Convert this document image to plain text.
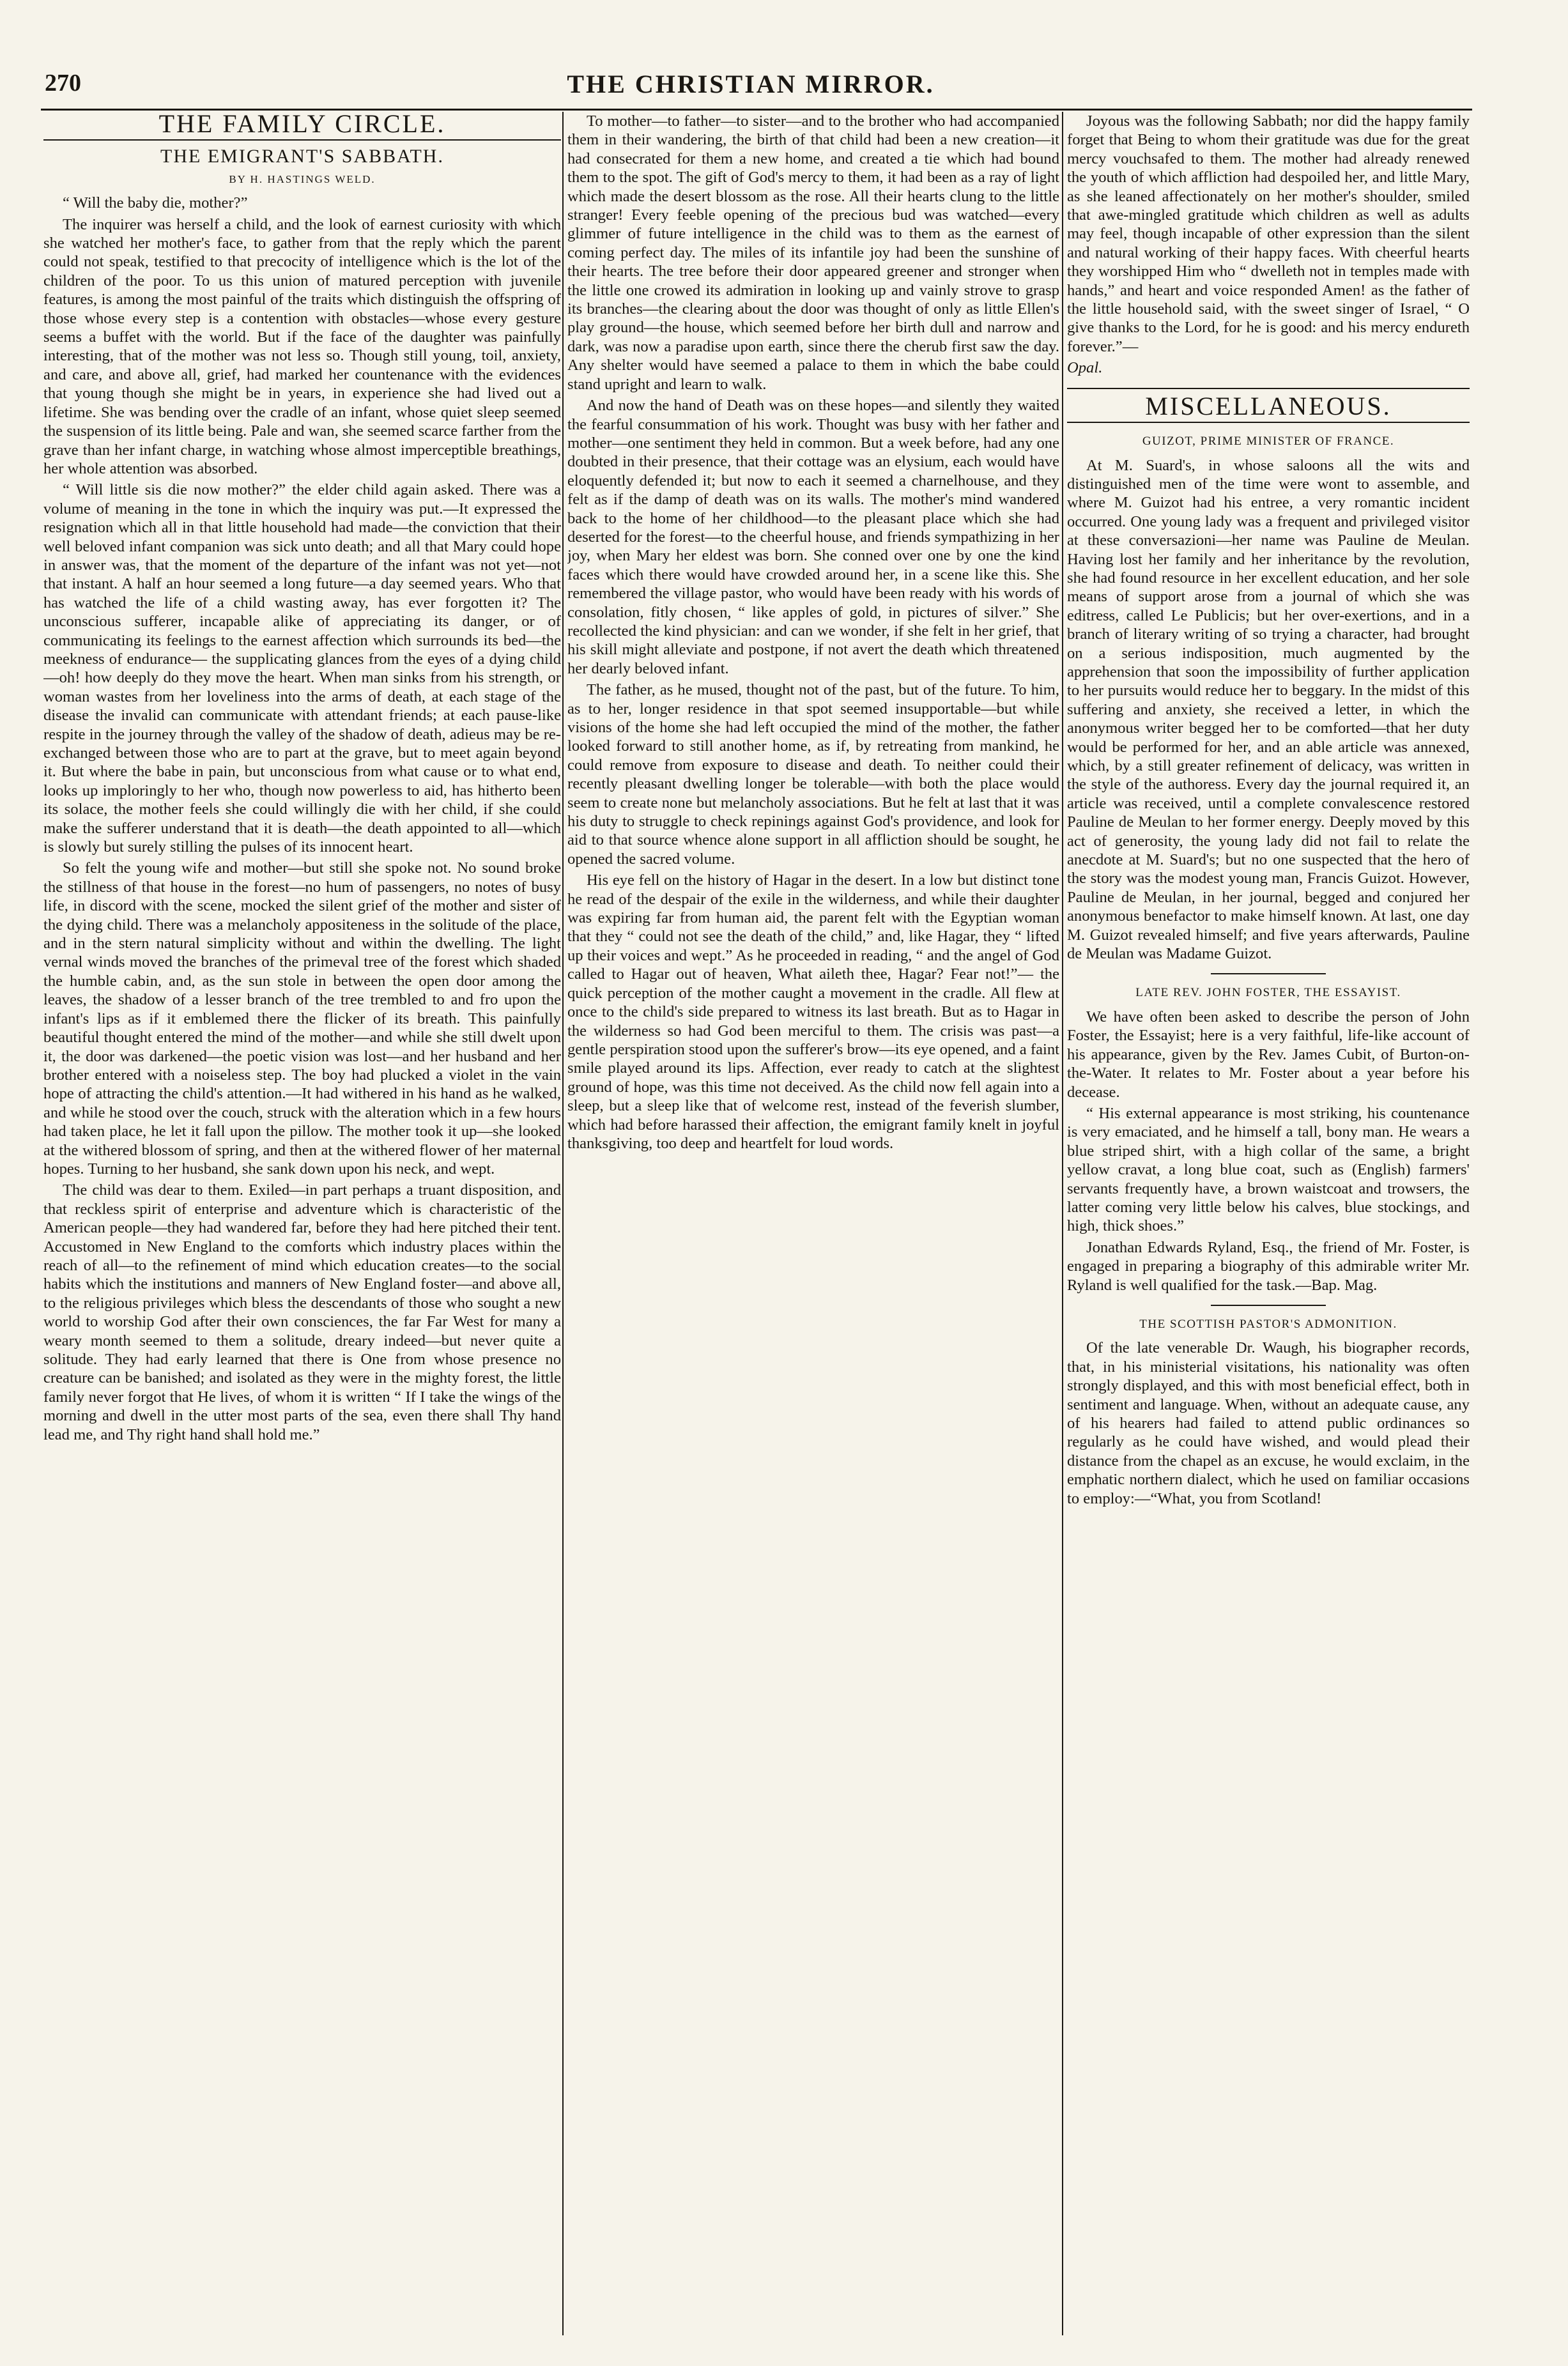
270	THE CHRISTIAN MIRROR.
THE FAMILY CIRCLE.
THE EMIGRANT'S SABBATH.
BY H. HASTINGS WELD.

“ Will the baby die, mother?”

The inquirer was herself a child, and the look of earnest curiosity with which she watched her mother's face, to gather from that the reply which the parent could not speak, testified to that precocity of intelligence which is the lot of the children of the poor. To us this union of matured perception with juvenile features, is among the most painful of the traits which distinguish the offspring of those whose every step is a contention with obstacles—whose every gesture seems a buffet with the world. But if the face of the daughter was painfully interesting, that of the mother was not less so. Though still young, toil, anxiety, and care, and above all, grief, had marked her countenance with the evidences that young though she might be in years, in experience she had lived out a lifetime. She was bending over the cradle of an infant, whose quiet sleep seemed the suspension of its little being. Pale and wan, she seemed scarce farther from the grave than her infant charge, in watching whose almost imperceptible breathings, her whole attention was absorbed.

“ Will little sis die now mother?” the elder child again asked. There was a volume of meaning in the tone in which the inquiry was put.—It expressed the resignation which all in that little household had made—the conviction that their well beloved infant companion was sick unto death; and all that Mary could hope in answer was, that the moment of the departure of the infant was not yet—not that instant. A half an hour seemed a long future—a day seemed years. Who that has watched the life of a child wasting away, has ever forgotten it? The unconscious sufferer, incapable alike of appreciating its danger, or of communicating its feelings to the earnest affection which surrounds its bed—the meekness of endurance— the supplicating glances from the eyes of a dying child—oh! how deeply do they move the heart. When man sinks from his strength, or woman wastes from her loveliness into the arms of death, at each stage of the disease the invalid can communicate with attendant friends; at each pause-like respite in the journey through the valley of the shadow of death, adieus may be re-exchanged between those who are to part at the grave, but to meet again beyond it. But where the babe in pain, but unconscious from what cause or to what end, looks up imploringly to her who, though now powerless to aid, has hitherto been its solace, the mother feels she could willingly die with her child, if she could make the sufferer understand that it is death—the death appointed to all—which is slowly but surely stilling the pulses of its innocent heart.

So felt the young wife and mother—but still she spoke not. No sound broke the stillness of that house in the forest—no hum of passengers, no notes of busy life, in discord with the scene, mocked the silent grief of the mother and sister of the dying child. There was a melancholy appositeness in the solitude of the place, and in the stern natural simplicity without and within the dwelling. The light vernal winds moved the branches of the primeval tree of the forest which shaded the humble cabin, and, as the sun stole in between the open door among the leaves, the shadow of a lesser branch of the tree trembled to and fro upon the infant's lips as if it emblemed there the flicker of its breath. This painfully beautiful thought entered the mind of the mother—and while she still dwelt upon it, the door was darkened—the poetic vision was lost—and her husband and her brother entered with a noiseless step. The boy had plucked a violet in the vain hope of attracting the child's attention.—It had withered in his hand as he walked, and while he stood over the couch, struck with the alteration which in a few hours had taken place, he let it fall upon the pillow. The mother took it up—she looked at the withered blossom of spring, and then at the withered flower of her maternal hopes. Turning to her husband, she sank down upon his neck, and wept.

The child was dear to them. Exiled—in part perhaps a truant disposition, and that reckless spirit of enterprise and adventure which is characteristic of the American people—they had wandered far, before they had here pitched their tent. Accustomed in New England to the comforts which industry places within the reach of all—to the refinement of mind which education creates—to the social habits which the institutions and manners of New England foster—and above all, to the religious privileges which bless the descendants of those who sought a new world to worship God after their own consciences, the far Far West for many a weary month seemed to them a solitude, dreary indeed—but never quite a solitude. They had early learned that there is One from whose presence no creature can be banished; and isolated as they were in the mighty forest, the little family never forgot that He lives, of whom it is written “ If I take the wings of the morning and dwell in the utter most parts of the sea, even there shall Thy hand lead me, and Thy right hand shall hold me.”

To mother—to father—to sister—and to the brother who had accompanied them in their wandering, the birth of that child had been a new creation—it had consecrated for them a new home, and created a tie which had bound them to the spot. The gift of God's mercy to them, it had been as a ray of light which made the desert blossom as the rose. All their hearts clung to the little stranger! Every feeble opening of the precious bud was watched—every glimmer of future intelligence in the child was to them as the earnest of coming perfect day. The miles of its infantile joy had been the sunshine of their hearts. The tree before their door appeared greener and stronger when the little one crowed its admiration in looking up and vainly strove to grasp its branches—the clearing about the door was thought of only as little Ellen's play ground—the house, which seemed before her birth dull and narrow and dark, was now a paradise upon earth, since there the cherub first saw the day. Any shelter would have seemed a palace to them in which the babe could stand upright and learn to walk.

And now the hand of Death was on these hopes—and silently they waited the fearful consummation of his work. Thought was busy with her father and mother—one sentiment they held in common. But a week before, had any one doubted in their presence, that their cottage was an elysium, each would have eloquently defended it; but now to each it seemed a charnelhouse, and they felt as if the damp of death was on its walls. The mother's mind wandered back to the home of her childhood—to the pleasant place which she had deserted for the forest—to the cheerful house, and friends sympathizing in her joy, when Mary her eldest was born. She conned over one by one the kind faces which there would have crowded around her, in a scene like this. She remembered the village pastor, who would have been ready with his words of consolation, fitly chosen, “ like apples of gold, in pictures of silver.” She recollected the kind physician: and can we wonder, if she felt in her grief, that his skill might alleviate and postpone, if not avert the death which threatened her dearly beloved infant.

The father, as he mused, thought not of the past, but of the future. To him, as to her, longer residence in that spot seemed insupportable—but while visions of the home she had left occupied the mind of the mother, the father looked forward to still another home, as if, by retreating from mankind, he could remove from exposure to disease and death. To neither could their recently pleasant dwelling longer be tolerable—with both the place would seem to create none but melancholy associations. But he felt at last that it was his duty to struggle to check repinings against God's providence, and look for aid to that source whence alone support in all affliction should be sought, he opened the sacred volume.

His eye fell on the history of Hagar in the desert. In a low but distinct tone he read of the despair of the exile in the wilderness, and while their daughter was expiring far from human aid, the parent felt with the Egyptian woman that they “ could not see the death of the child,” and, like Hagar, they “ lifted up their voices and wept.” As he proceeded in reading, “ and the angel of God called to Hagar out of heaven, What aileth thee, Hagar? Fear not!”— the quick perception of the mother caught a movement in the cradle. All flew at once to the child's side prepared to witness its last breath. But as to Hagar in the wilderness so had God been merciful to them. The crisis was past—a gentle perspiration stood upon the sufferer's brow—its eye opened, and a faint smile played around its lips. Affection, ever ready to catch at the slightest ground of hope, was this time not deceived. As the child now fell again into a sleep, but a sleep like that of welcome rest, instead of the feverish slumber, which had before harassed their affection, the emigrant family knelt in joyful thanksgiving, too deep and heartfelt for loud words.

Joyous was the following Sabbath; nor did the happy family forget that Being to whom their gratitude was due for the great mercy vouchsafed to them. The mother had already renewed the youth of which affliction had despoiled her, and little Mary, as she leaned affectionately on her mother's shoulder, smiled that awe-mingled gratitude which children as well as adults may feel, though incapable of other expression than the silent and natural working of their happy faces. With cheerful hearts they worshipped Him who “ dwelleth not in temples made with hands,” and heart and voice responded Amen! as the father of the little household said, with the sweet singer of Israel, “ O give thanks to the Lord, for he is good: and his mercy endureth forever.”—

Opal.

MISCELLANEOUS.
GUIZOT, PRIME MINISTER OF FRANCE.

At M. Suard's, in whose saloons all the wits and distinguished men of the time were wont to assemble, and where M. Guizot had his entree, a very romantic incident occurred. One young lady was a frequent and privileged visitor at these conversazioni—her name was Pauline de Meulan. Having lost her family and her inheritance by the revolution, she had found resource in her excellent education, and her sole means of support arose from a journal of which she was editress, called Le Publicis; but her over-exertions, and in a branch of literary writing of so trying a character, had brought on a serious indisposition, much augmented by the apprehension that soon the impossibility of further application to her pursuits would reduce her to beggary. In the midst of this suffering and anxiety, she received a letter, in which the anonymous writer begged her to be comforted—that her duty would be performed for her, and an able article was annexed, which, by a still greater refinement of delicacy, was written in the style of the authoress. Every day the journal required it, an article was received, until a complete convalescence restored Pauline de Meulan to her former energy. Deeply moved by this act of generosity, the young lady did not fail to relate the anecdote at M. Suard's; but no one suspected that the hero of the story was the modest young man, Francis Guizot. However, Pauline de Meulan, in her journal, begged and conjured her anonymous benefactor to make himself known. At last, one day M. Guizot revealed himself; and five years afterwards, Pauline de Meulan was Madame Guizot.

LATE REV. JOHN FOSTER, THE ESSAYIST.

We have often been asked to describe the person of John Foster, the Essayist; here is a very faithful, life-like account of his appearance, given by the Rev. James Cubit, of Burton-on-the-Water. It relates to Mr. Foster about a year before his decease.

“ His external appearance is most striking, his countenance is very emaciated, and he himself a tall, bony man. He wears a blue striped shirt, with a high collar of the same, a bright yellow cravat, a long blue coat, such as (English) farmers' servants frequently have, a brown waistcoat and trowsers, the latter coming very little below his calves, blue stockings, and high, thick shoes.”

Jonathan Edwards Ryland, Esq., the friend of Mr. Foster, is engaged in preparing a biography of this admirable writer Mr. Ryland is well qualified for the task.—Bap. Mag.

THE SCOTTISH PASTOR'S ADMONITION.

Of the late venerable Dr. Waugh, his biographer records, that, in his ministerial visitations, his nationality was often strongly displayed, and this with most beneficial effect, both in sentiment and language. When, without an adequate cause, any of his hearers had failed to attend public ordinances so regularly as he could have wished, and would plead their distance from the chapel as an excuse, he would exclaim, in the emphatic northern dialect, which he used on familiar occasions to employ:—“What, you from Scotland!
